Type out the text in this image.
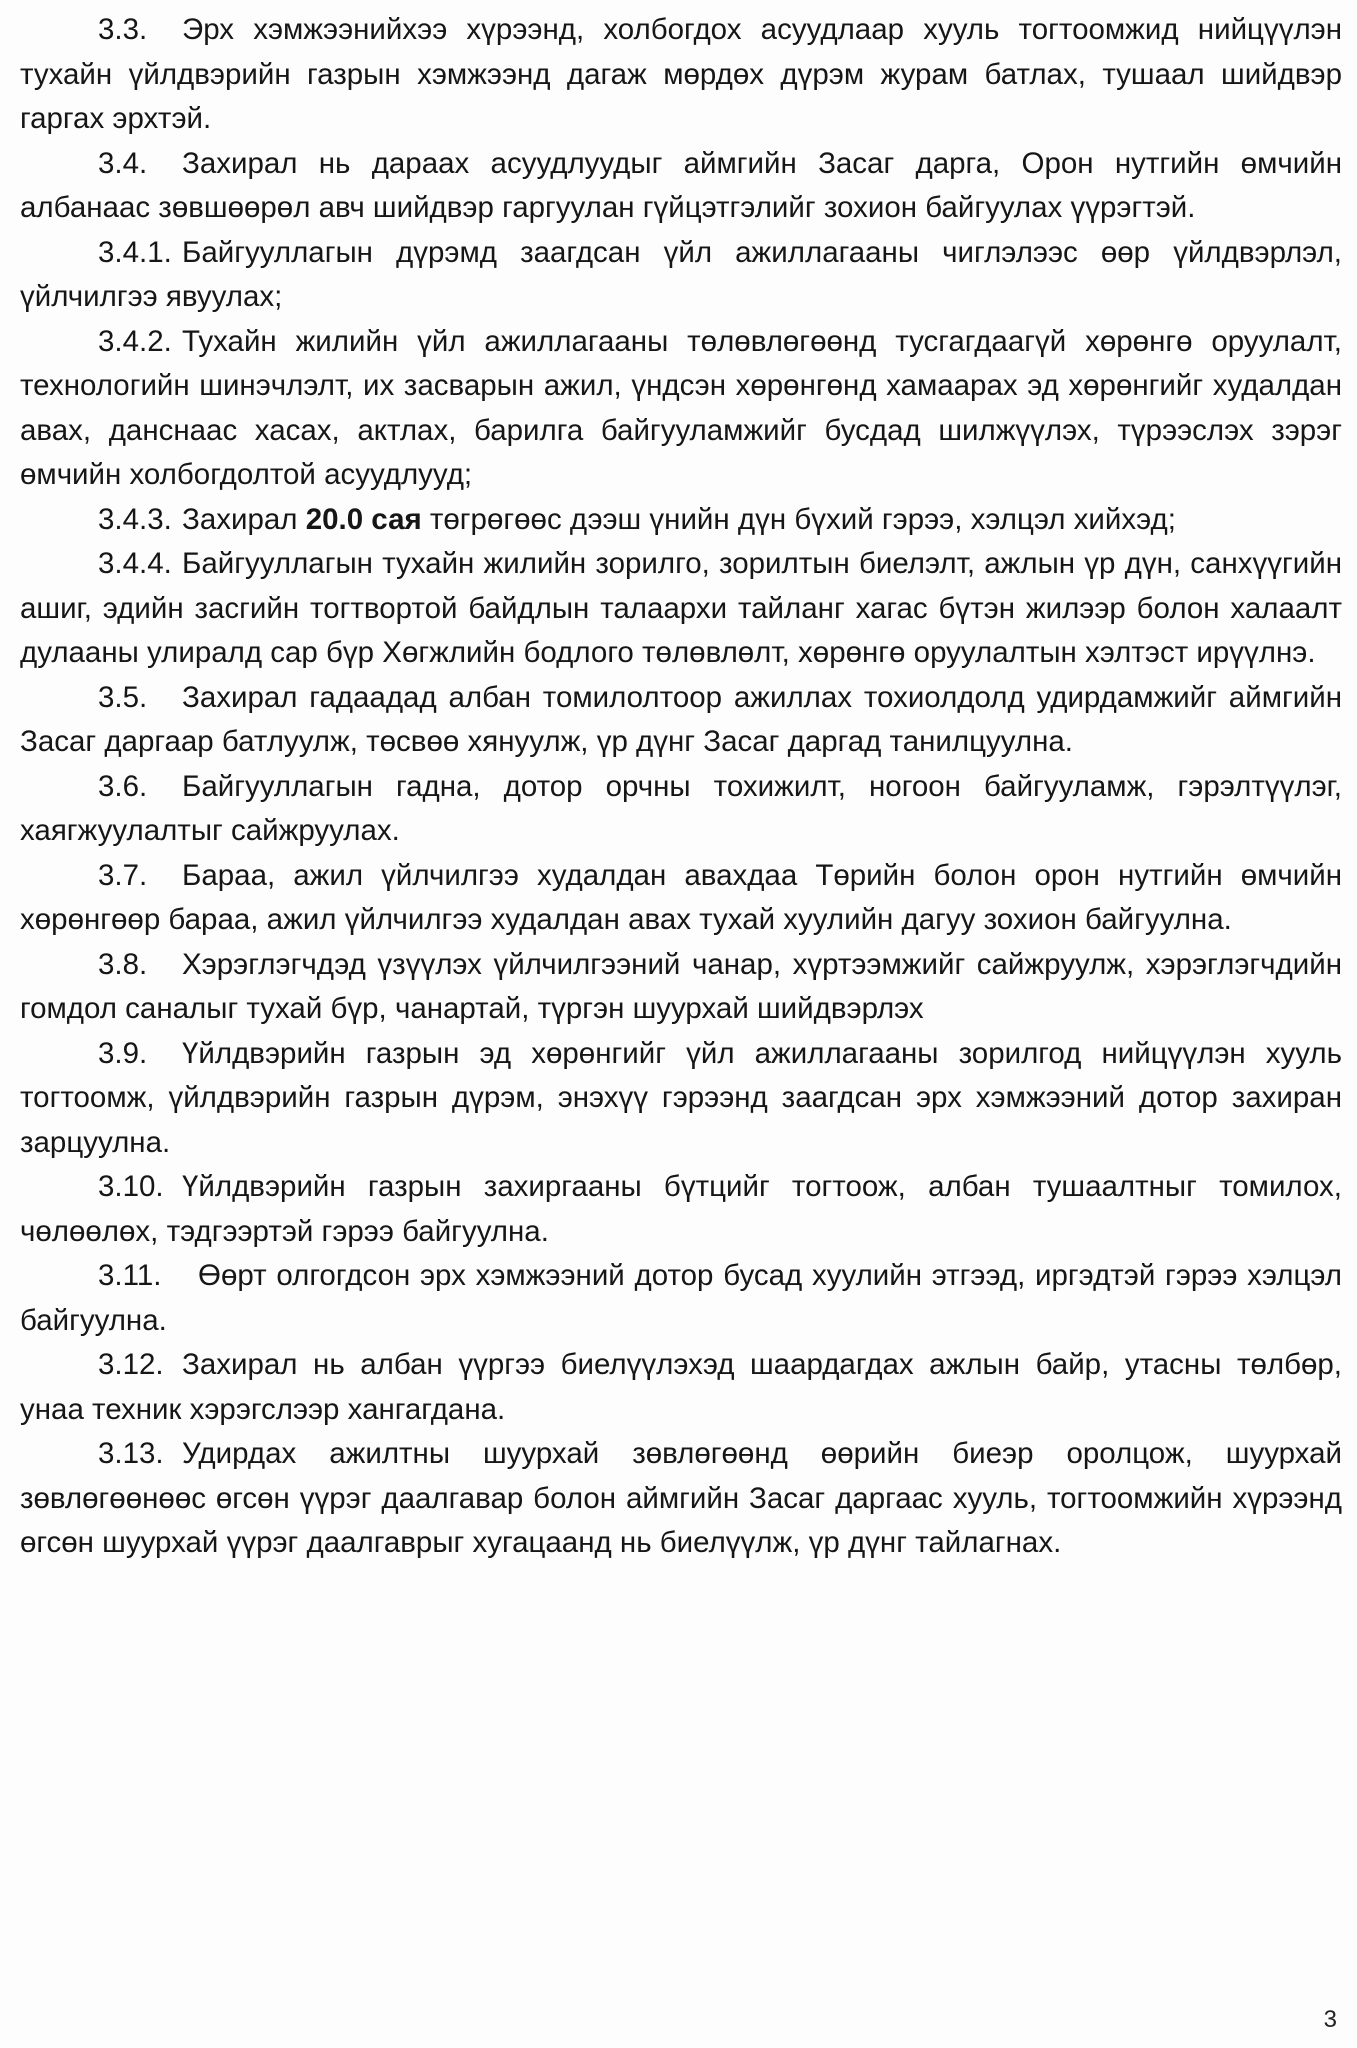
3.3. Эрх хэмжээнийхээ хүрээнд, холбогдох асуудлаар хууль тогтоомжид нийцүүлэн тухайн үйлдвэрийн газрын хэмжээнд дагаж мөрдөх дүрэм журам батлах, тушаал шийдвэр гаргах эрхтэй.

3.4. Захирал нь дараах асуудлуудыг аймгийн Засаг дарга, Орон нутгийн өмчийн албанаас зөвшөөрөл авч шийдвэр гаргуулан гүйцэтгэлийг зохион байгуулах үүрэгтэй.

3.4.1. Байгууллагын дүрэмд заагдсан үйл ажиллагааны чиглэлээс өөр үйлдвэрлэл, үйлчилгээ явуулах;

3.4.2. Тухайн жилийн үйл ажиллагааны төлөвлөгөөнд тусгагдаагүй хөрөнгө оруулалт, технологийн шинэчлэлт, их засварын ажил, үндсэн хөрөнгөнд хамаарах эд хөрөнгийг худалдан авах, данснаас хасах, актлах, барилга байгууламжийг бусдад шилжүүлэх, түрээслэх зэрэг өмчийн холбогдолтой асуудлууд;

3.4.3. Захирал 20.0 сая төгрөгөөс дээш үнийн дүн бүхий гэрээ, хэлцэл хийхэд;

3.4.4. Байгууллагын тухайн жилийн зорилго, зорилтын биелэлт, ажлын үр дүн, санхүүгийн ашиг, эдийн засгийн тогтвортой байдлын талаархи тайланг хагас бүтэн жилээр болон халаалт дулааны улиралд сар бүр Хөгжлийн бодлого төлөвлөлт, хөрөнгө оруулалтын хэлтэст ирүүлнэ.

3.5. Захирал гадаадад албан томилолтоор ажиллах тохиолдолд удирдамжийг аймгийн Засаг даргаар батлуулж, төсвөө хянуулж, үр дүнг Засаг даргад танилцуулна.

3.6. Байгууллагын гадна, дотор орчны тохижилт, ногоон байгууламж, гэрэлтүүлэг, хаягжуулалтыг сайжруулах.

3.7. Бараа, ажил үйлчилгээ худалдан авахдаа Төрийн болон орон нутгийн өмчийн хөрөнгөөр бараа, ажил үйлчилгээ худалдан авах тухай хуулийн дагуу зохион байгуулна.

3.8. Хэрэглэгчдэд үзүүлэх үйлчилгээний чанар, хүртээмжийг сайжруулж, хэрэглэгчдийн гомдол саналыг тухай бүр, чанартай, түргэн шуурхай шийдвэрлэх

3.9. Үйлдвэрийн газрын эд хөрөнгийг үйл ажиллагааны зорилгод нийцүүлэн хууль тогтоомж, үйлдвэрийн газрын дүрэм, энэхүү гэрээнд заагдсан эрх хэмжээний дотор захиран зарцуулна.

3.10. Үйлдвэрийн газрын захиргааны бүтцийг тогтоож, албан тушаалтныг томилох, чөлөөлөх, тэдгээртэй гэрээ байгуулна.

3.11. Өөрт олгогдсон эрх хэмжээний дотор бусад хуулийн этгээд, иргэдтэй гэрээ хэлцэл байгуулна.

3.12. Захирал нь албан үүргээ биелүүлэхэд шаардагдах ажлын байр, утасны төлбөр, унаа техник хэрэгслээр хангагдана.

3.13. Удирдах ажилтны шуурхай зөвлөгөөнд өөрийн биеэр оролцож, шуурхай зөвлөгөөнөөс өгсөн үүрэг даалгавар болон аймгийн Засаг даргаас хууль, тогтоомжийн хүрээнд өгсөн шуурхай үүрэг даалгаврыг хугацаанд нь биелүүлж, үр дүнг тайлагнах.

3
